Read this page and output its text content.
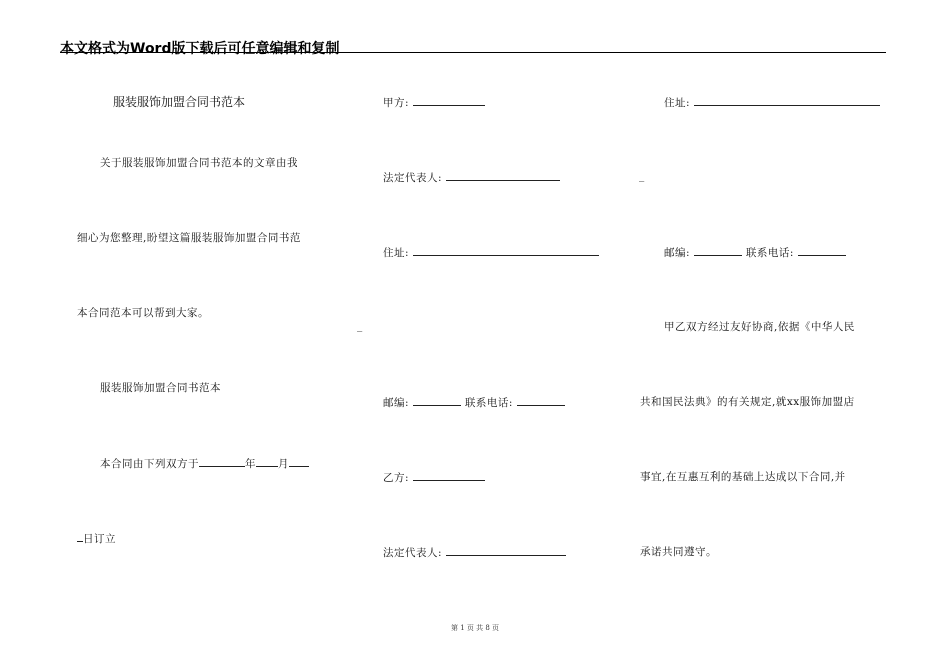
本文格式为Word版下载后可任意编辑和复制
服装服饰加盟合同书范本
关于服装服饰加盟合同书范本的文章由我
细心为您整理,盼望这篇服装服饰加盟合同书范
本合同范本可以帮到大家。
服装服饰加盟合同书范本
本合同由下列双方于	年 月
日订立
甲方:
法定代表人:
住址:
_
邮编:	联系电话:
乙方:
法定代表人:
住址:
_
邮编:	联系电话:
甲乙双方经过友好协商,依据《中华人民
共和国民法典》的有关规定,就xx服饰加盟店
事宜,在互惠互利的基础上达成以下合同,并
承诺共同遵守。
第 1 页 共 8 页
